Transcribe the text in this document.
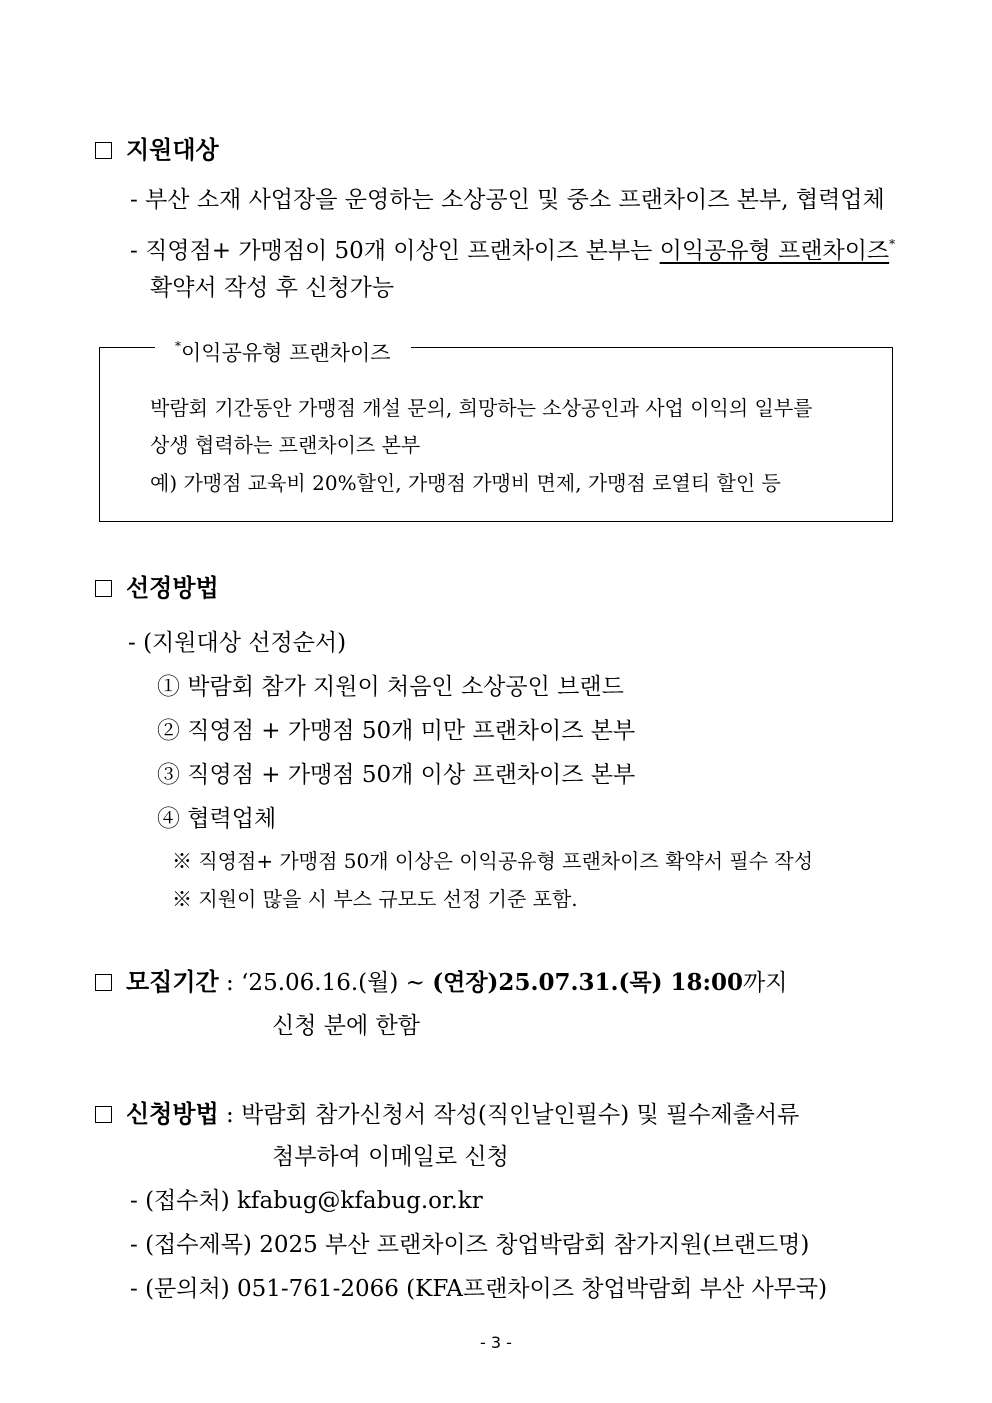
지원대상
- 부산 소재 사업장을 운영하는 소상공인 및 중소 프랜차이즈 본부, 협력업체
- 직영점+ 가맹점이 50개 이상인 프랜차이즈 본부는 이익공유형 프랜차이즈*
확약서 작성 후 신청가능
*이익공유형 프랜차이즈
박람회 기간동안 가맹점 개설 문의, 희망하는 소상공인과 사업 이익의 일부를
상생 협력하는 프랜차이즈 본부
예) 가맹점 교육비 20%할인, 가맹점 가맹비 면제, 가맹점 로열티 할인 등
선정방법
- (지원대상 선정순서)
① 박람회 참가 지원이 처음인 소상공인 브랜드
② 직영점 + 가맹점 50개 미만 프랜차이즈 본부
③ 직영점 + 가맹점 50개 이상 프랜차이즈 본부
④ 협력업체
※ 직영점+ 가맹점 50개 이상은 이익공유형 프랜차이즈 확약서 필수 작성
※ 지원이 많을 시 부스 규모도 선정 기준 포함.
모집기간 : ‘25.06.16.(월) ~ (연장)25.07.31.(목) 18:00까지
신청 분에 한함
신청방법 : 박람회 참가신청서 작성(직인날인필수) 및 필수제출서류
첨부하여 이메일로 신청
- (접수처) kfabug@kfabug.or.kr
- (접수제목) 2025 부산 프랜차이즈 창업박람회 참가지원(브랜드명)
- (문의처) 051-761-2066 (KFA프랜차이즈 창업박람회 부산 사무국)
- 3 -
